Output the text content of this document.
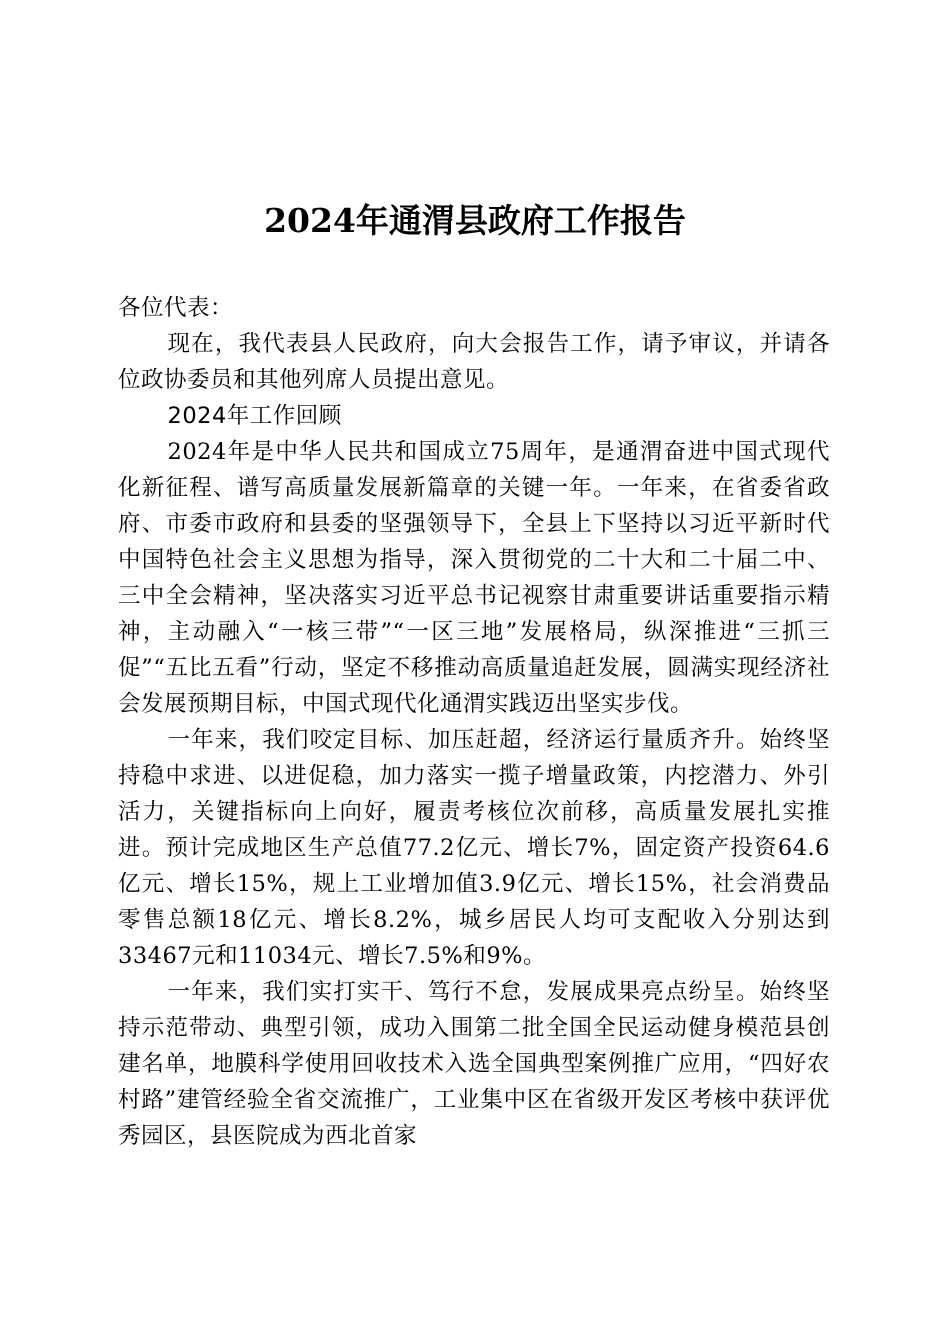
2024年通渭县政府工作报告

各位代表：

现在，我代表县人民政府，向大会报告工作，请予审议，并请各位政协委员和其他列席人员提出意见。

2024年工作回顾

2024年是中华人民共和国成立75周年，是通渭奋进中国式现代化新征程、谱写高质量发展新篇章的关键一年。一年来，在省委省政府、市委市政府和县委的坚强领导下，全县上下坚持以习近平新时代中国特色社会主义思想为指导，深入贯彻党的二十大和二十届二中、三中全会精神，坚决落实习近平总书记视察甘肃重要讲话重要指示精神，主动融入“一核三带”“一区三地”发展格局，纵深推进“三抓三促”“五比五看”行动，坚定不移推动高质量追赶发展，圆满实现经济社会发展预期目标，中国式现代化通渭实践迈出坚实步伐。

一年来，我们咬定目标、加压赶超，经济运行量质齐升。始终坚持稳中求进、以进促稳，加力落实一揽子增量政策，内挖潜力、外引活力，关键指标向上向好，履责考核位次前移，高质量发展扎实推进。预计完成地区生产总值77.2亿元、增长7%，固定资产投资64.6亿元、增长15%，规上工业增加值3.9亿元、增长15%，社会消费品零售总额18亿元、增长8.2%，城乡居民人均可支配收入分别达到33467元和11034元、增长7.5%和9%。

一年来，我们实打实干、笃行不怠，发展成果亮点纷呈。始终坚持示范带动、典型引领，成功入围第二批全国全民运动健身模范县创建名单，地膜科学使用回收技术入选全国典型案例推广应用，“四好农村路”建管经验全省交流推广，工业集中区在省级开发区考核中获评优秀园区，县医院成为西北首家
